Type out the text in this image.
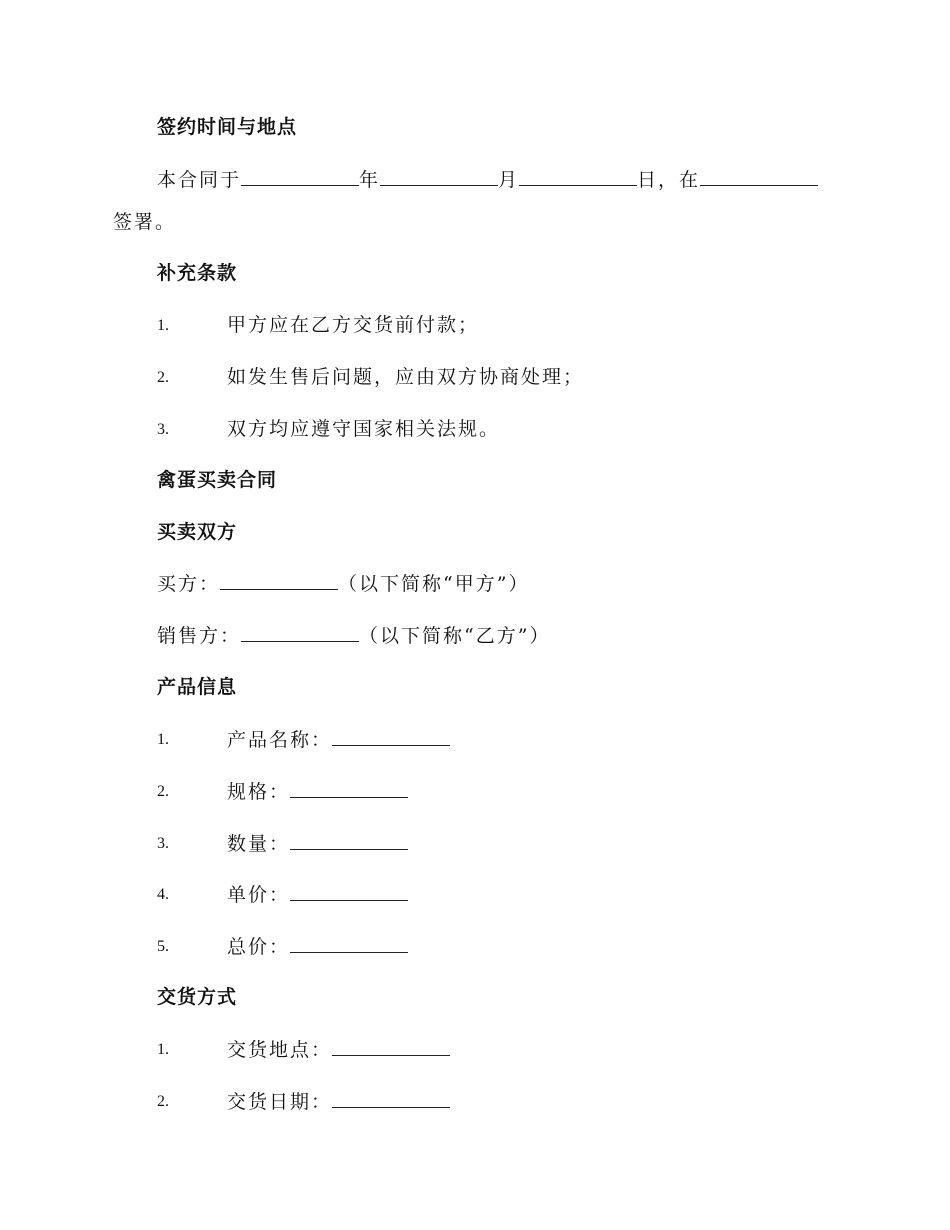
签约时间与地点
本合同于	年	月	日，在
签署。
补充条款
1.	甲方应在乙方交货前付款；
2.	如发生售后问题，应由双方协商处理；
3.	双方均应遵守国家相关法规。
禽蛋买卖合同
买卖双方
买方：	（以下简称“甲方”）
销售方：	（以下简称“乙方”）
产品信息
1.	产品名称：
2.	规格：
3.	数量：
4.	单价：
5.	总价：
交货方式
1.	交货地点：
2.	交货日期：
